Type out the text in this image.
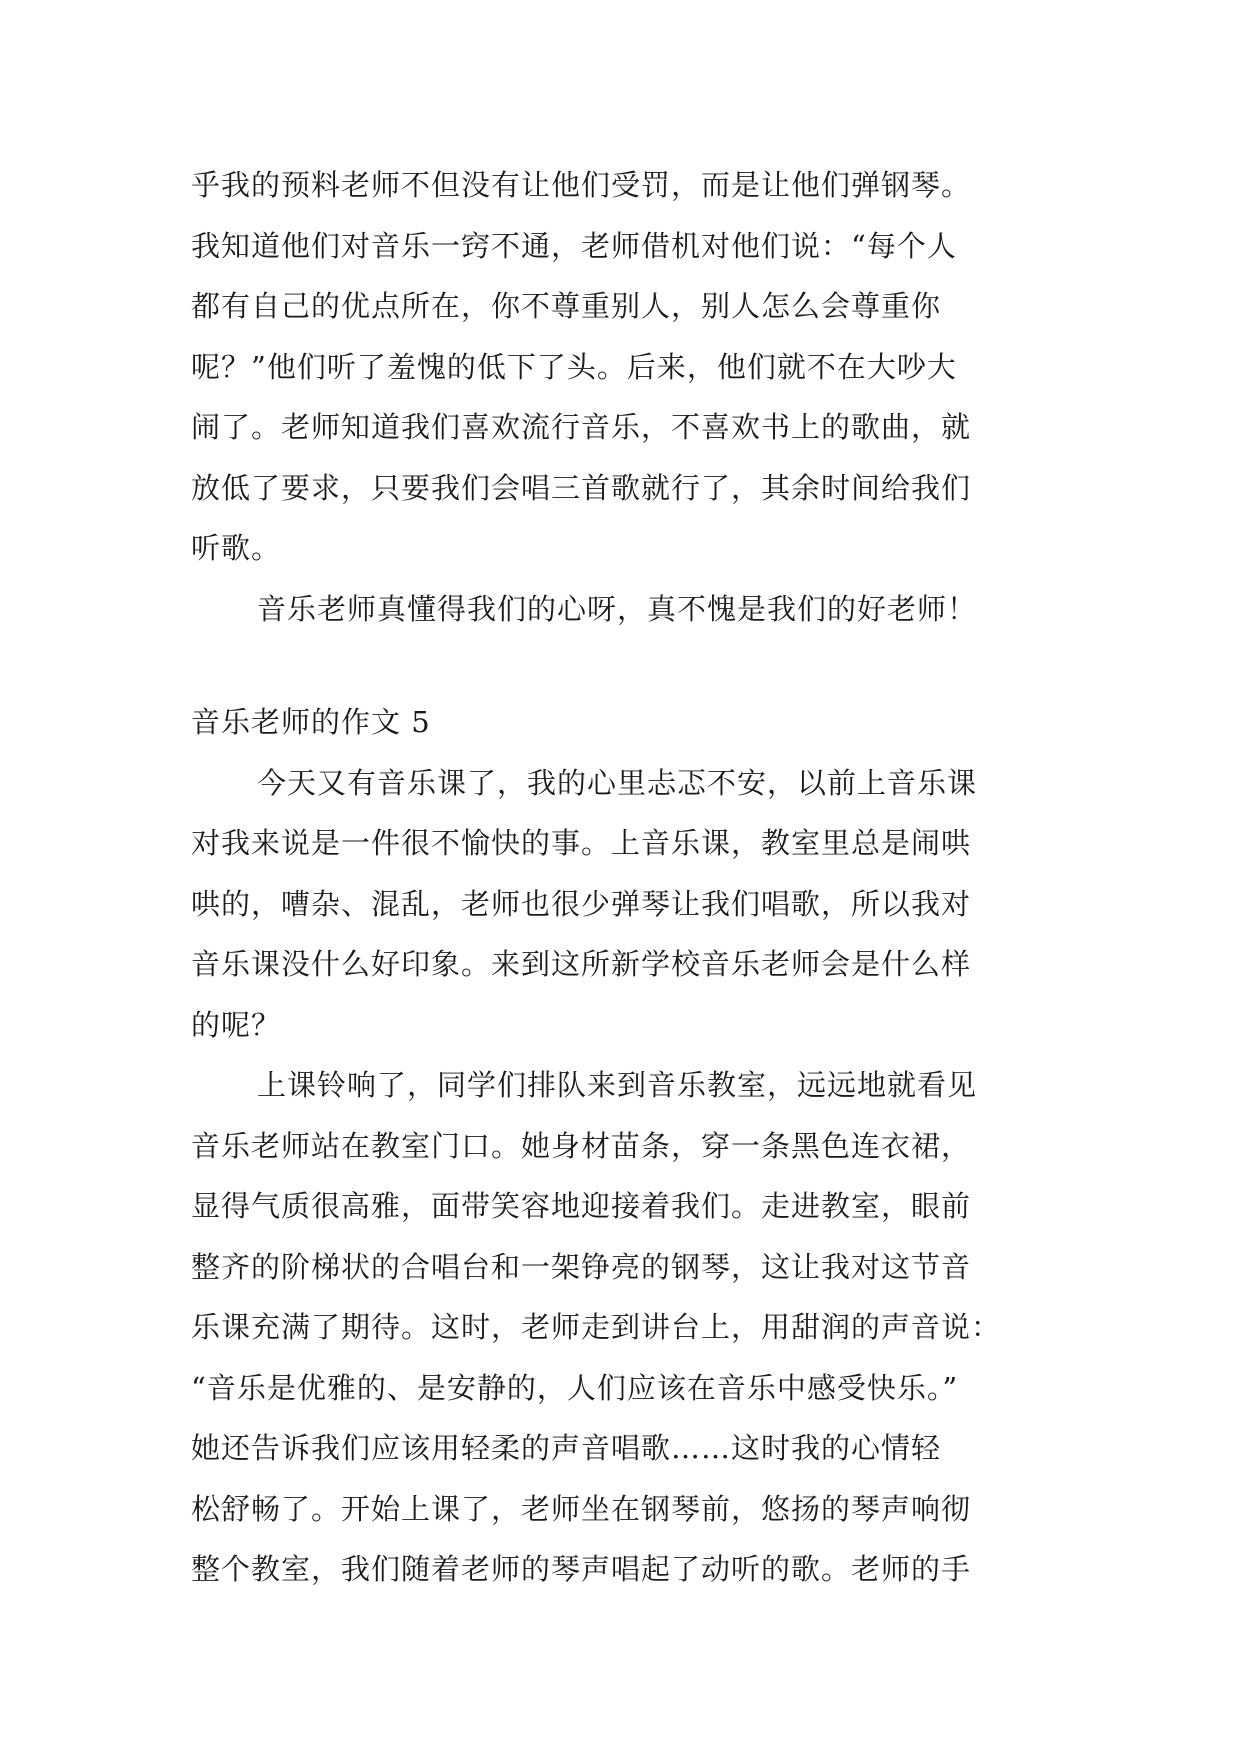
乎我的预料老师不但没有让他们受罚，而是让他们弹钢琴。
我知道他们对音乐一窍不通，老师借机对他们说：“每个人
都有自己的优点所在，你不尊重别人，别人怎么会尊重你
呢？”他们听了羞愧的低下了头。后来，他们就不在大吵大
闹了。老师知道我们喜欢流行音乐，不喜欢书上的歌曲，就
放低了要求，只要我们会唱三首歌就行了，其余时间给我们
听歌。
音乐老师真懂得我们的心呀，真不愧是我们的好老师！
音乐老师的作文 5
今天又有音乐课了，我的心里忐忑不安，以前上音乐课
对我来说是一件很不愉快的事。上音乐课，教室里总是闹哄
哄的，嘈杂、混乱，老师也很少弹琴让我们唱歌，所以我对
音乐课没什么好印象。来到这所新学校音乐老师会是什么样
的呢？
上课铃响了，同学们排队来到音乐教室，远远地就看见
音乐老师站在教室门口。她身材苗条，穿一条黑色连衣裙，
显得气质很高雅，面带笑容地迎接着我们。走进教室，眼前
整齐的阶梯状的合唱台和一架铮亮的钢琴，这让我对这节音
乐课充满了期待。这时，老师走到讲台上，用甜润的声音说：
“音乐是优雅的、是安静的，人们应该在音乐中感受快乐。”
她还告诉我们应该用轻柔的声音唱歌……这时我的心情轻
松舒畅了。开始上课了，老师坐在钢琴前，悠扬的琴声响彻
整个教室，我们随着老师的琴声唱起了动听的歌。老师的手
